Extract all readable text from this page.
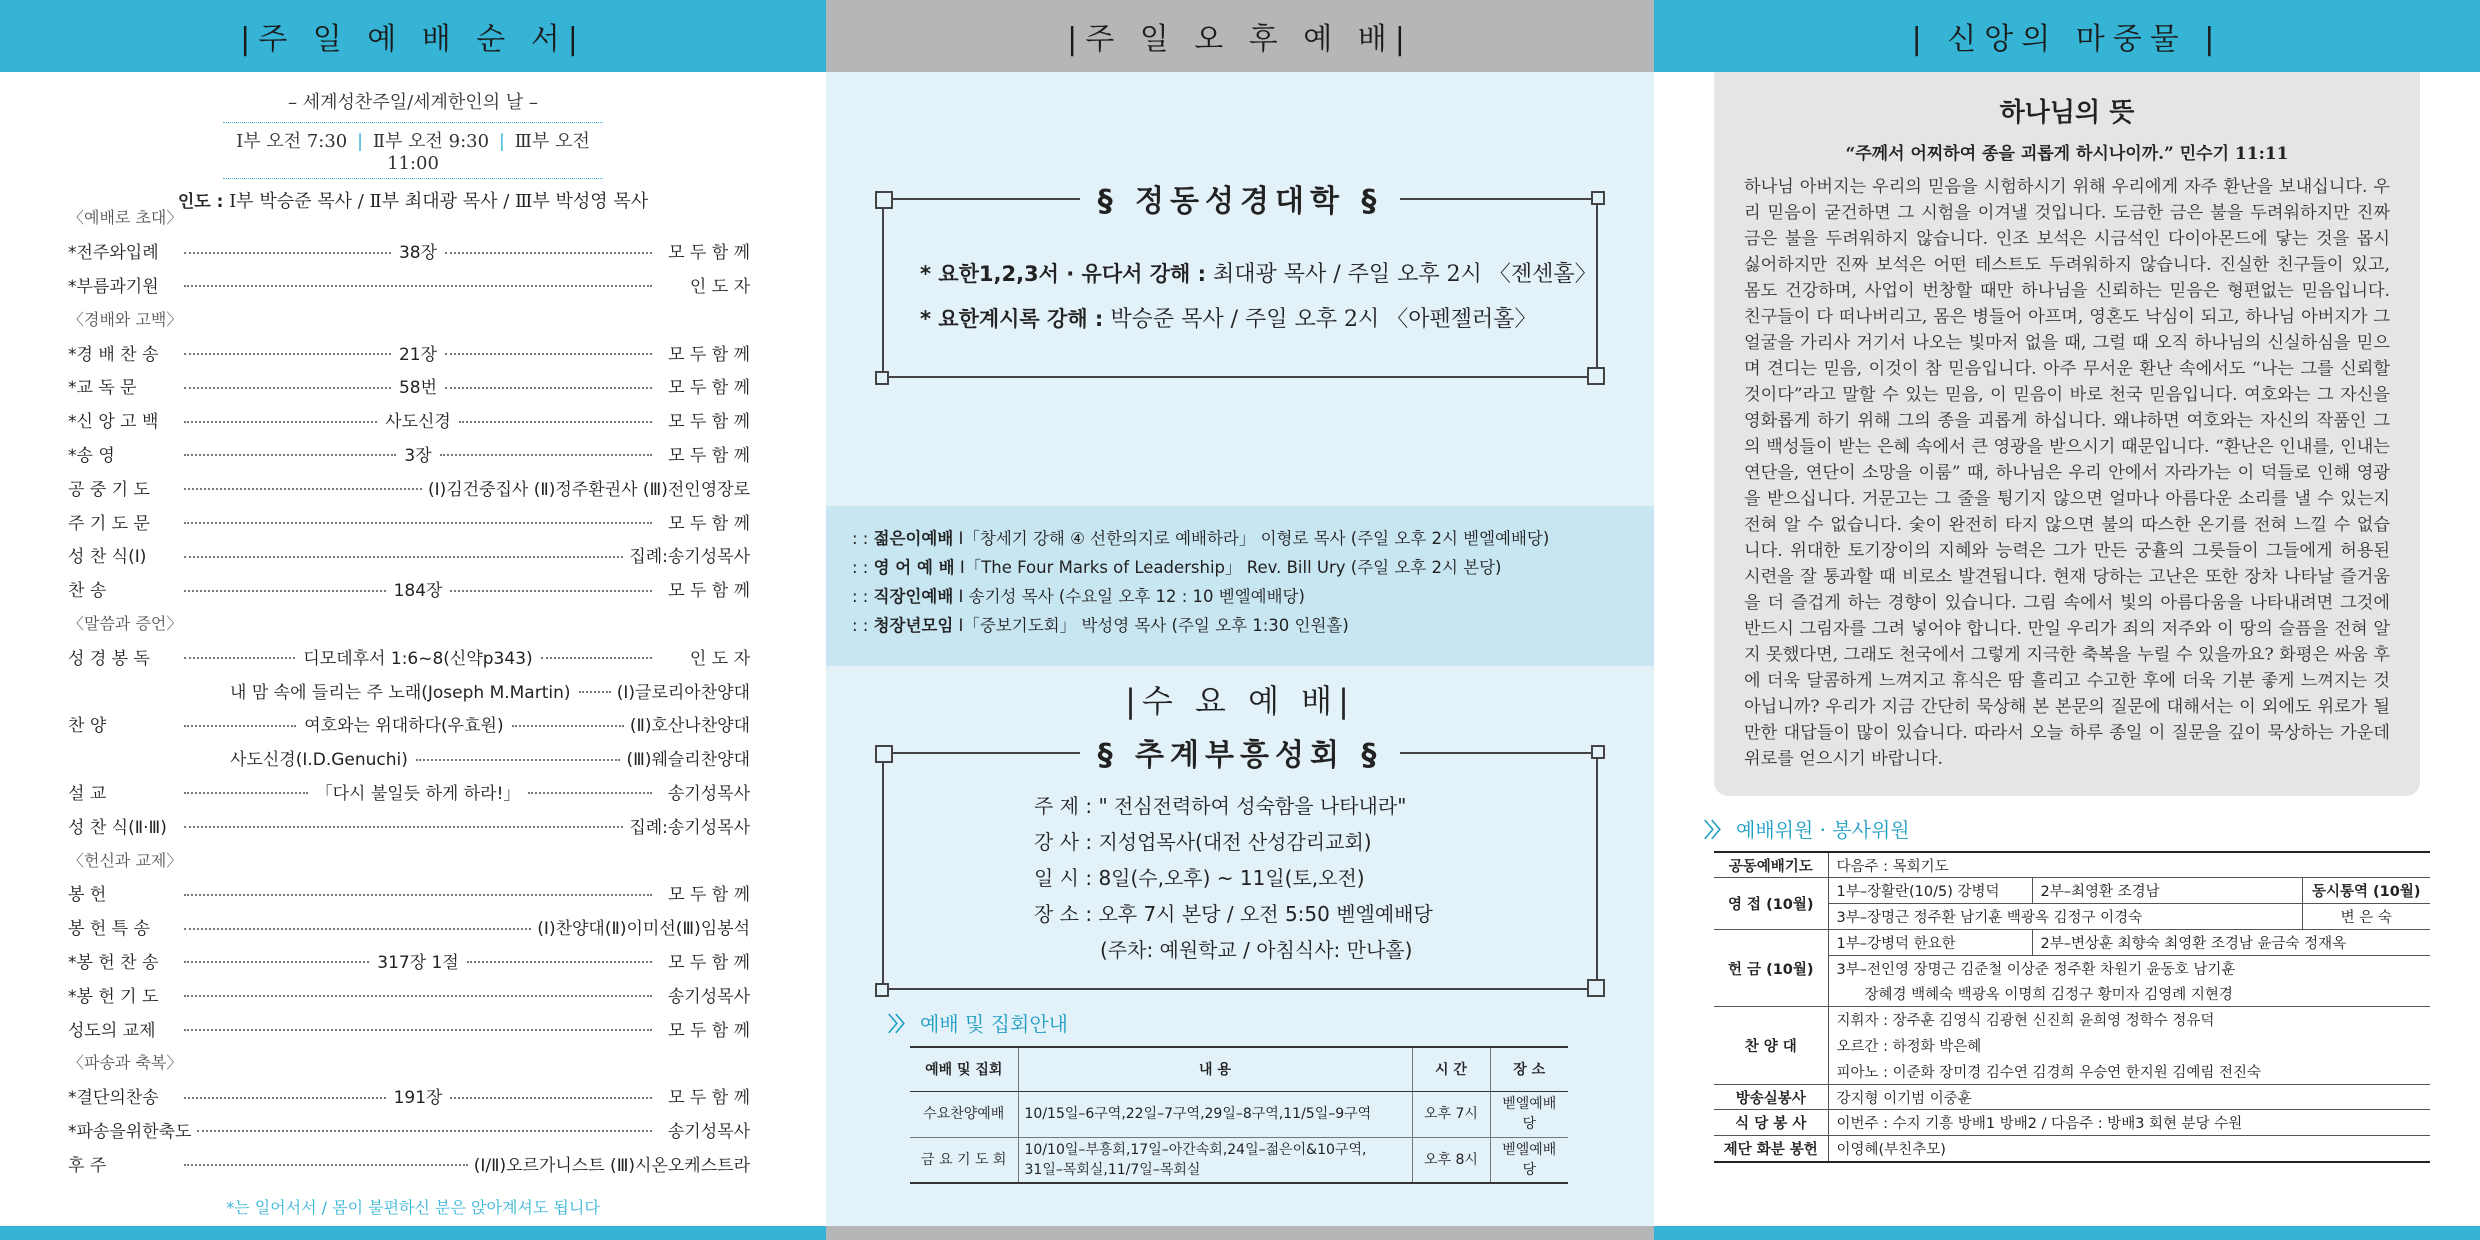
|주 일 예 배 순 서|
– 세계성찬주일/세계한인의 날 –
Ⅰ부 오전 7:30 | Ⅱ부 오전 9:30 | Ⅲ부 오전 11:00
인도 : Ⅰ부 박승준 목사 / Ⅱ부 최대광 목사 / Ⅲ부 박성영 목사
〈예배로 초대〉
*전주와입례	38장	모 두 함 께
*부름과기원	인 도 자
〈경배와 고백〉
*경 배 찬 송	21장	모 두 함 께
*교 독 문	58번	모 두 함 께
*신 앙 고 백	사도신경	모 두 함 께
*송 영	3장	모 두 함 께
공 중 기 도	(Ⅰ)김건중집사 (Ⅱ)정주환권사 (Ⅲ)전인영장로
주 기 도 문	모 두 함 께
성 찬 식(Ⅰ)	집례:송기성목사
찬 송	184장	모 두 함 께
〈말씀과 증언〉
성 경 봉 독	디모데후서 1:6~8(신약p343)	인 도 자
내 맘 속에 들리는 주 노래(Joseph M.Martin)	(Ⅰ)글로리아찬양대
찬 양	여호와는 위대하다(우효원)	(Ⅱ)호산나찬양대
사도신경(I.D.Genuchi)	(Ⅲ)웨슬리찬양대
설 교	「다시 불일듯 하게 하라!」	송기성목사
성 찬 식(Ⅱ·Ⅲ)	집례:송기성목사
〈헌신과 교제〉
봉 헌	모 두 함 께
봉 헌 특 송	(Ⅰ)찬양대(Ⅱ)이미선(Ⅲ)임봉석
*봉 헌 찬 송	317장 1절	모 두 함 께
*봉 헌 기 도	송기성목사
성도의 교제	모 두 함 께
〈파송과 축복〉
*결단의찬송	191장	모 두 함 께
*파송을위한축도	송기성목사
후 주	(Ⅰ/Ⅱ)오르가니스트 (Ⅲ)시온오케스트라
*는 일어서서 / 몸이 불편하신 분은 앉아계셔도 됩니다
|주 일 오 후 예 배|
§ 정동성경대학 §
* 요한1,2,3서 · 유다서 강해 : 최대광 목사 / 주일 오후 2시 〈젠센홀〉
* 요한계시록 강해 : 박승준 목사 / 주일 오후 2시 〈아펜젤러홀〉
: : 젊은이예배 I「창세기 강해 ④ 선한의지로 예배하라」 이형로 목사 (주일 오후 2시 벧엘예배당)
: : 영 어 예 배 I「The Four Marks of Leadership」 Rev. Bill Ury (주일 오후 2시 본당)
: : 직장인예배 I 송기성 목사 (수요일 오후 12 : 10 벧엘예배당)
: : 청장년모임 I「중보기도회」 박성영 목사 (주일 오후 1:30 인원홀)
|수 요 예 배|
§ 추계부흥성회 §
주 제 : " 전심전력하여 성숙함을 나타내라"
강 사 : 지성업목사(대전 산성감리교회)
일 시 : 8일(수,오후) ~ 11일(토,오전)
장 소 : 오후 7시 본당 / 오전 5:50 벧엘예배당
(주차: 예원학교 / 아침식사: 만나홀)
〉〉 예배 및 집회안내
예배 및 집회	내 용	시 간	장 소
수요찬양예배	10/15일–6구역,22일–7구역,29일–8구역,11/5일–9구역	오후 7시	벧엘예배당
금 요 기 도 회	10/10일–부흥회,17일–아간속회,24일–젊은이&10구역,
31일–목회실,11/7일–목회실	오후 8시	벧엘예배당
| 신앙의 마중물 |
하나님의 뜻
“주께서 어찌하여 종을 괴롭게 하시나이까.” 민수기 11:11
하나님 아버지는 우리의 믿음을 시험하시기 위해 우리에게 자주 환난을 보내십니다. 우리 믿음이 굳건하면 그 시험을 이겨낼 것입니다. 도금한 금은 불을 두려워하지만 진짜 금은 불을 두려워하지 않습니다. 인조 보석은 시금석인 다이아몬드에 닿는 것을 몹시 싫어하지만 진짜 보석은 어떤 테스트도 두려워하지 않습니다. 진실한 친구들이 있고, 몸도 건강하며, 사업이 번창할 때만 하나님을 신뢰하는 믿음은 형편없는 믿음입니다. 친구들이 다 떠나버리고, 몸은 병들어 아프며, 영혼도 낙심이 되고, 하나님 아버지가 그 얼굴을 가리사 거기서 나오는 빛마저 없을 때, 그럴 때 오직 하나님의 신실하심을 믿으며 견디는 믿음, 이것이 참 믿음입니다. 아주 무서운 환난 속에서도 “나는 그를 신뢰할 것이다”라고 말할 수 있는 믿음, 이 믿음이 바로 천국 믿음입니다. 여호와는 그 자신을 영화롭게 하기 위해 그의 종을 괴롭게 하십니다. 왜냐하면 여호와는 자신의 작품인 그의 백성들이 받는 은혜 속에서 큰 영광을 받으시기 때문입니다. “환난은 인내를, 인내는 연단을, 연단이 소망을 이룸” 때, 하나님은 우리 안에서 자라가는 이 덕들로 인해 영광을 받으십니다. 거문고는 그 줄을 튕기지 않으면 얼마나 아름다운 소리를 낼 수 있는지 전혀 알 수 없습니다. 숯이 완전히 타지 않으면 불의 따스한 온기를 전혀 느낄 수 없습니다. 위대한 토기장이의 지혜와 능력은 그가 만든 궁휼의 그릇들이 그들에게 허용된 시련을 잘 통과할 때 비로소 발견됩니다. 현재 당하는 고난은 또한 장차 나타날 즐거움을 더 즐겁게 하는 경향이 있습니다. 그림 속에서 빛의 아름다움을 나타내려면 그것에 반드시 그림자를 그려 넣어야 합니다. 만일 우리가 죄의 저주와 이 땅의 슬픔을 전혀 알지 못했다면, 그래도 천국에서 그렇게 지극한 축복을 누릴 수 있을까요? 화평은 싸움 후에 더욱 달콤하게 느껴지고 휴식은 땀 흘리고 수고한 후에 더욱 기분 좋게 느껴지는 것 아닙니까? 우리가 지금 간단히 묵상해 본 본문의 질문에 대해서는 이 외에도 위로가 될 만한 대답들이 많이 있습니다. 따라서 오늘 하루 종일 이 질문을 깊이 묵상하는 가운데 위로를 얻으시기 바랍니다.
〉〉 예배위원 · 봉사위원
공동예배기도	다음주 : 목회기도		
영 접 (10월)	1부–장활란(10/5) 강병덕	2부–최영환 조경남	동시통역 (10월)
	3부–장명근 정주환 남기훈 백광옥 김정구 이경숙		변 은 숙
헌 금 (10월)	1부–강병덕 한요한	2부–변상훈 최향숙 최영환 조경남 윤금숙 정재옥	
	3부–전인영 장명근 김준철 이상준 정주환 차원기 윤동호 남기훈		
	장혜경 백혜숙 백광옥 이명희 김정구 황미자 김영례 지현경		
찬 양 대	지휘자 : 장주훈 김영식 김광현 신진희 윤희영 정학수 정유덕		
	오르간 : 하정화 박은혜		
	피아노 : 이준화 장미경 김수연 김경희 우승연 한지원 김예림 전진숙		
방송실봉사	강지형 이기범 이중훈		
식 당 봉 사	이번주 : 수지 기흥 방배1 방배2 / 다음주 : 방배3 회현 분당 수원		
제단 화분 봉헌	이영혜(부친추모)		
